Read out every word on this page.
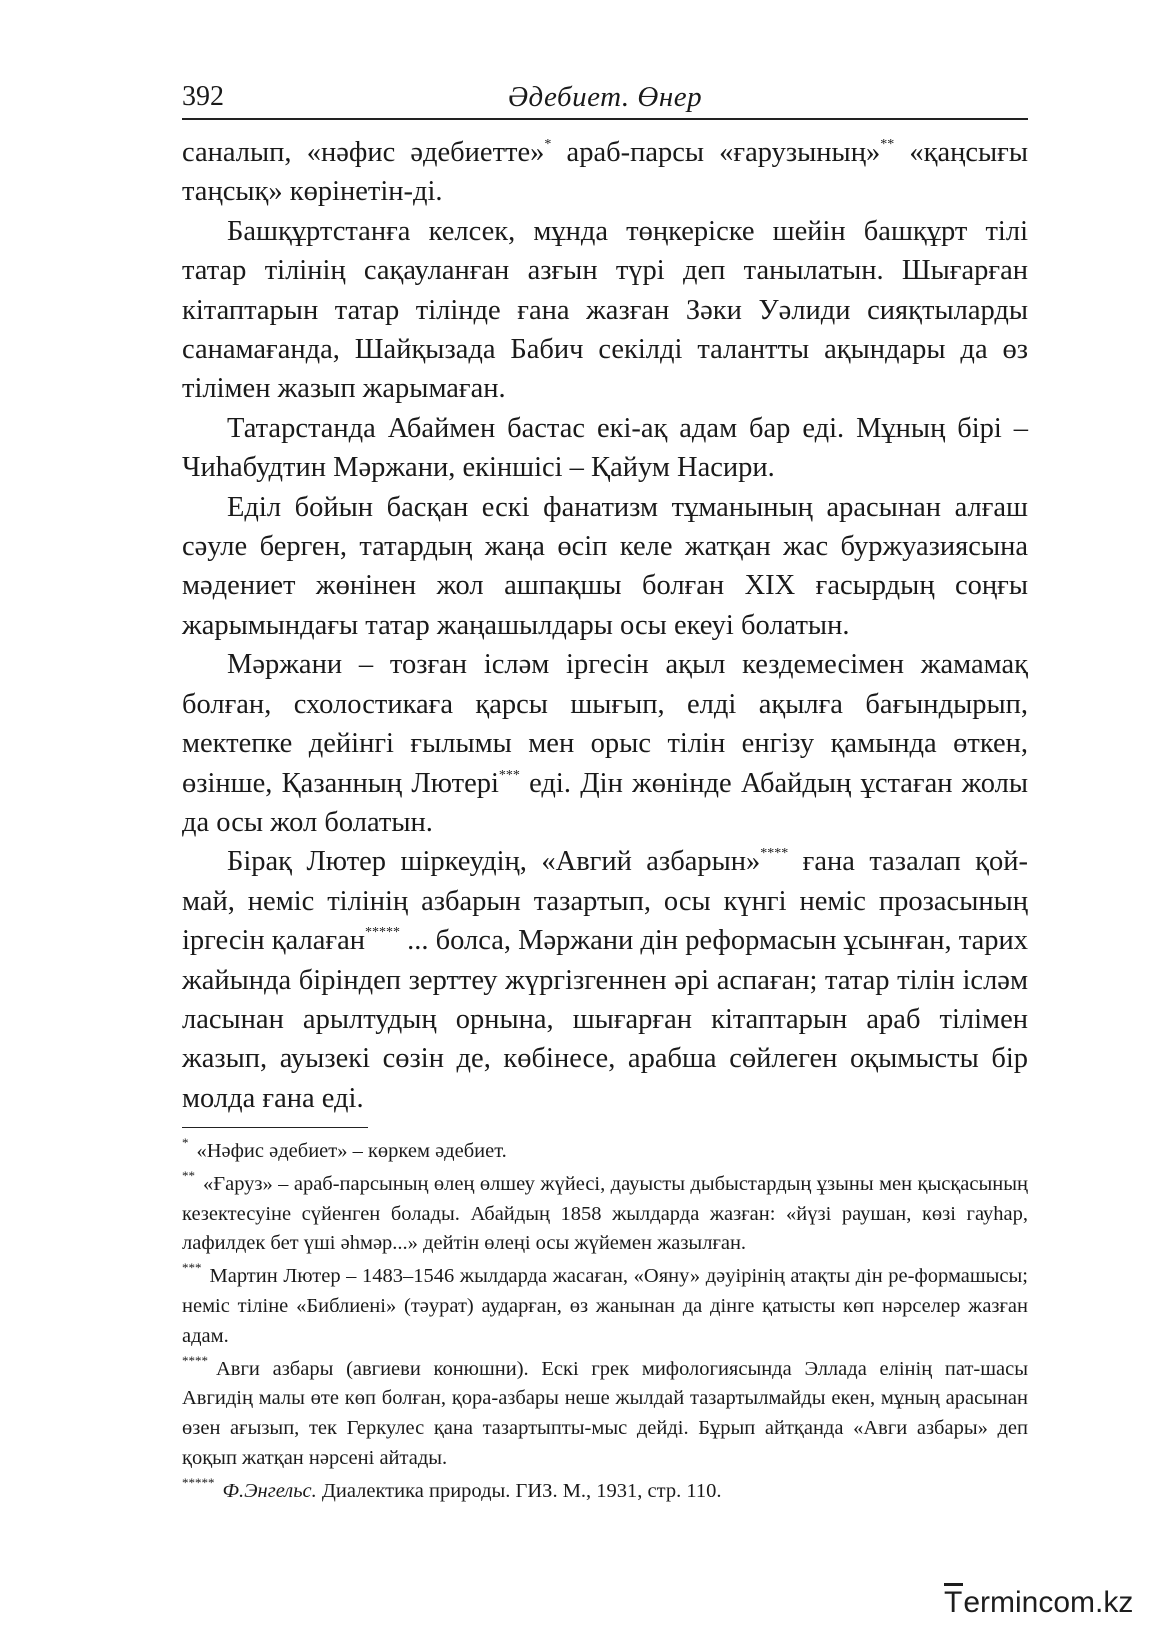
392	Әдебиет. Өнер

саналып, «нәфис әдебиетте»* араб-парсы «ғарузының»** «қаңсығы таңсық» көрінетін-ді.

Башқұртстанға келсек, мұнда төңкеріске шейін башқұрт тілі татар тілінің сақауланған азғын түрі деп танылатын. Шығарған кітаптарын татар тілінде ғана жазған Зәки Уәлиди сияқтыларды санамағанда, Шайқызада Бабич секілді талантты ақындары да өз тілімен жазып жарымаған.

Татарстанда Абаймен бастас екі-ақ адам бар еді. Мұның бірі – Чиһабудтин Мәржани, екіншісі – Қайум Насири.

Еділ бойын басқан ескі фанатизм тұманының арасынан алғаш сәуле берген, татардың жаңа өсіп келе жатқан жас буржуазиясына мәдениет жөнінен жол ашпақшы болған ХІХ ғасырдың соңғы жарымындағы татар жаңашылдары осы екеуі болатын.

Мәржани – тозған ісләм іргесін ақыл кездемесімен жамамақ болған, схолостикаға қарсы шығып, елді ақылға бағындырып, мектепке дейінгі ғылымы мен орыс тілін енгізу қамында өткен, өзінше, Қазанның Лютері*** еді. Дін жөнінде Абайдың ұстаған жолы да осы жол болатын.

Бірақ Лютер шіркеудің, «Авгий азбарын»**** ғана тазалап қой-май, неміс тілінің азбарын тазартып, осы күнгі неміс прозасының іргесін қалаған***** ... болса, Мәржани дін реформасын ұсынған, тарих жайында біріндеп зерттеу жүргізгеннен әрі аспаған; татар тілін ісләм ласынан арылтудың орнына, шығарған кітаптарын араб тілімен жазып, ауызекі сөзін де, көбінесе, арабша сөйлеген оқымысты бір молда ғана еді.

* «Нәфис әдебиет» – көркем әдебиет.

** «Ғаруз» – араб-парсының өлең өлшеу жүйесі, дауысты дыбыстардың ұзыны мен қысқасының кезектесуіне сүйенген болады. Абайдың 1858 жылдарда жазған: «йүзі раушан, көзі гауһар, лафилдек бет үші әһмәр...» дейтін өлеңі осы жүйемен жазылған.

*** Мартин Лютер – 1483–1546 жылдарда жасаған, «Ояну» дәуірінің атақты дін ре-формашысы; неміс тіліне «Библиені» (тәурат) аударған, өз жанынан да дінге қатысты көп нәрселер жазған адам.

**** Авги азбары (авгиеви конюшни). Ескі грек мифологиясында Эллада елінің пат-шасы Авгидің малы өте көп болған, қора-азбары неше жылдай тазартылмайды екен, мұның арасынан өзен ағызып, тек Геркулес қана тазартыпты-мыс дейді. Бұрып айтқанда «Авги азбары» деп қоқып жатқан нәрсені айтады.

***** Ф.Энгельс. Диалектика природы. ГИЗ. М., 1931, стр. 110.

Termincom.kz
